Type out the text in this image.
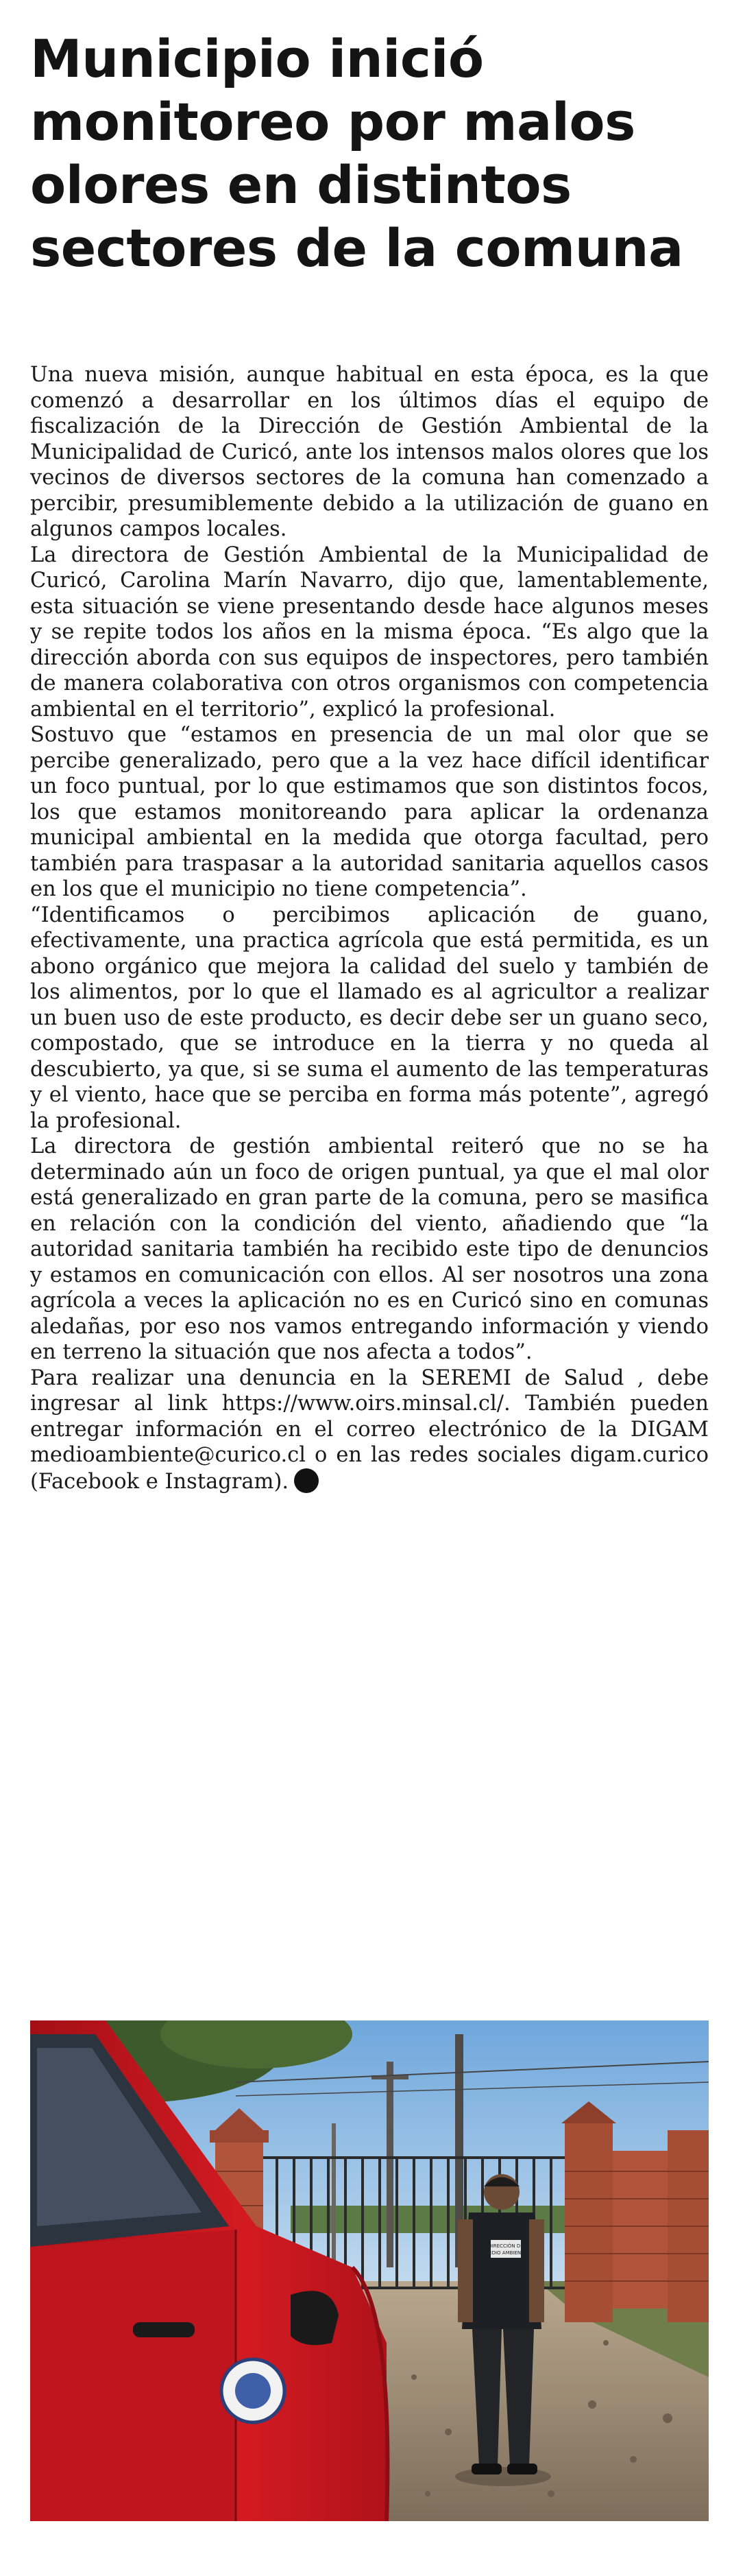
Municipio inició monitoreo por malos olores en distintos sectores de la comuna

Una nueva misión, aunque habitual en esta época, es la que comenzó a desarrollar en los últimos días el equipo de fiscalización de la Dirección de Gestión Ambiental de la Municipalidad de Curicó, ante los intensos malos olores que los vecinos de diversos sectores de la comuna han comenzado a percibir, presumiblemente debido a la utilización de guano en algunos campos locales.

La directora de Gestión Ambiental de la Municipalidad de Curicó, Carolina Marín Navarro, dijo que, lamentablemente, esta situación se viene presentando desde hace algunos meses y se repite todos los años en la misma época. “Es algo que la dirección aborda con sus equipos de inspectores, pero también de manera colaborativa con otros organismos con competencia ambiental en el territorio”, explicó la profesional.

Sostuvo que “estamos en presencia de un mal olor que se percibe generalizado, pero que a la vez hace difícil identificar un foco puntual, por lo que estimamos que son distintos focos, los que estamos monitoreando para aplicar la ordenanza municipal ambiental en la medida que otorga facultad, pero también para traspasar a la autoridad sanitaria aquellos casos en los que el municipio no tiene competencia”.

“Identificamos o percibimos aplicación de guano, efectivamente, una practica agrícola que está permitida, es un abono orgánico que mejora la calidad del suelo y también de los alimentos, por lo que el llamado es al agricultor a realizar un buen uso de este producto, es decir debe ser un guano seco, compostado, que se introduce en la tierra y no queda al descubierto, ya que, si se suma el aumento de las temperaturas y el viento, hace que se perciba en forma más potente”, agregó la profesional.

La directora de gestión ambiental reiteró que no se ha determinado aún un foco de origen puntual, ya que el mal olor está generalizado en gran parte de la comuna, pero se masifica en relación con la condición del viento, añadiendo que “la autoridad sanitaria también ha recibido este tipo de denuncios y estamos en comunicación con ellos. Al ser nosotros una zona agrícola a veces la aplicación no es en Curicó sino en comunas aledañas, por eso nos vamos entregando información y viendo en terreno la situación que nos afecta a todos”.

Para realizar una denuncia en la SEREMI de Salud , debe ingresar al link https://www.oirs.minsal.cl/. También pueden entregar información en el correo electrónico de la DIGAM medioambiente@curico.cl o en las redes sociales digam.curico (Facebook e Instagram).

DIRECCIÓN DE
MEDIO AMBIENTE
